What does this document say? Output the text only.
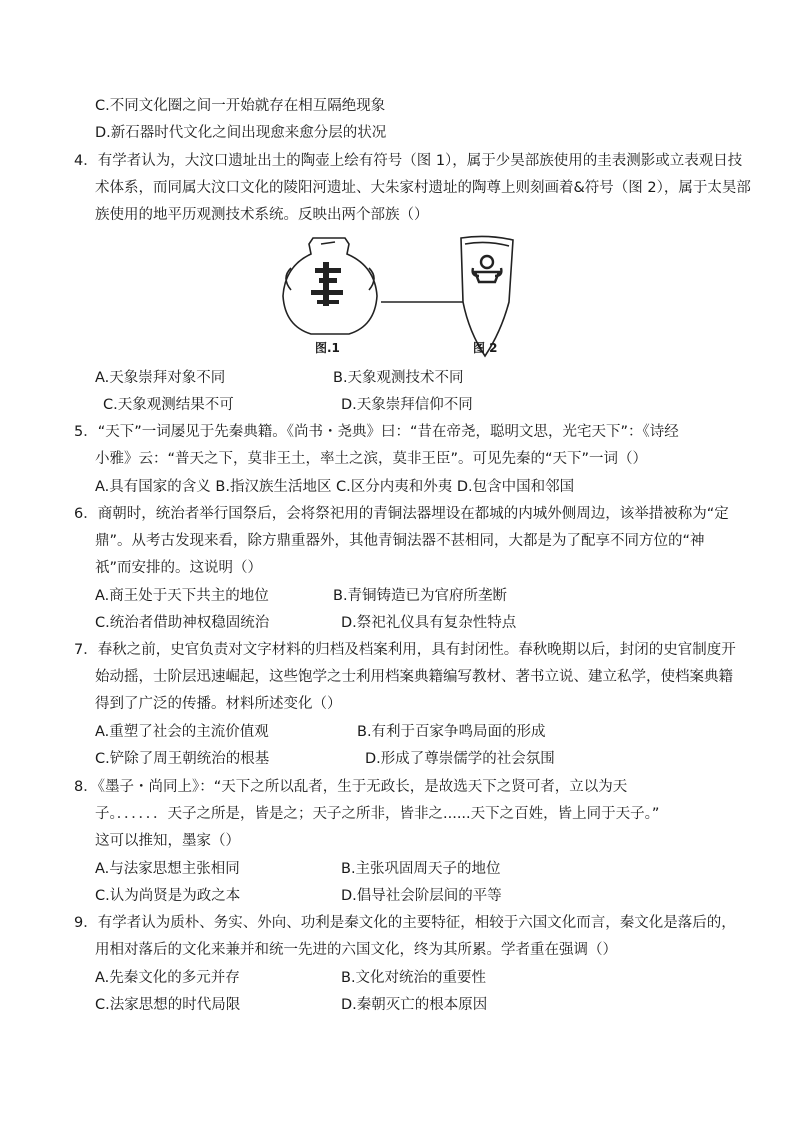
C.不同文化圈之间一开始就存在相互隔绝现象
D.新石器时代文化之间出现愈来愈分层的状况
4．有学者认为，大汶口遗址出土的陶壶上绘有符号（图 1），属于少昊部族使用的圭表测影或立表观日技
术体系，而同属大汶口文化的陵阳河遗址、大朱家村遗址的陶尊上则刻画着&符号（图 2），属于太昊部
族使用的地平历观测技术系统。反映出两个部族（）
图.1	图 2
A.天象崇拜对象不同	B.天象观测技术不同
C.天象观测结果不可	D.天象崇拜信仰不同
5．“天下”一词屡见于先秦典籍。《尚书・尧典》曰：“昔在帝尧，聪明文思，光宅天下”：《诗经
小雅》云：“普天之下，莫非王土，率土之滨，莫非王臣”。可见先秦的“天下”一词（）
A.具有国家的含义 B.指汉族生活地区 C.区分内夷和外夷 D.包含中国和邻国
6．商朝时，统治者举行国祭后，会将祭祀用的青铜法器埋设在都城的内城外侧周边，该举措被称为“定
鼎”。从考古发现来看，除方鼎重器外，其他青铜法器不甚相同，大都是为了配享不同方位的“神
祇”而安排的。这说明（）
A.商王处于天下共主的地位	B.青铜铸造已为官府所垄断
C.统治者借助神权稳固统治	D.祭祀礼仪具有复杂性特点
7．春秋之前，史官负责对文字材料的归档及档案利用，具有封闭性。春秋晚期以后，封闭的史官制度开
始动摇，士阶层迅速崛起，这些饱学之士利用档案典籍编写教材、著书立说、建立私学，使档案典籍
得到了广泛的传播。材料所述变化（）
A.重塑了社会的主流价值观	B.有利于百家争鸣局面的形成
C.铲除了周王朝统治的根基	D.形成了尊崇儒学的社会氛围
8．《墨子・尚同上》：“天下之所以乱者，生于无政长，是故选天下之贤可者，立以为天
子。．．．．．．天子之所是，皆是之；天子之所非，皆非之......天下之百姓，皆上同于天子。”
这可以推知，墨家（）
A.与法家思想主张相同	B.主张巩固周天子的地位
C.认为尚贤是为政之本	D.倡导社会阶层间的平等
9．有学者认为质朴、务实、外向、功利是秦文化的主要特征，相较于六国文化而言，秦文化是落后的，
用相对落后的文化来兼并和统一先进的六国文化，终为其所累。学者重在强调（）
A.先秦文化的多元并存	B.文化对统治的重要性
C.法家思想的时代局限	D.秦朝灭亡的根本原因
